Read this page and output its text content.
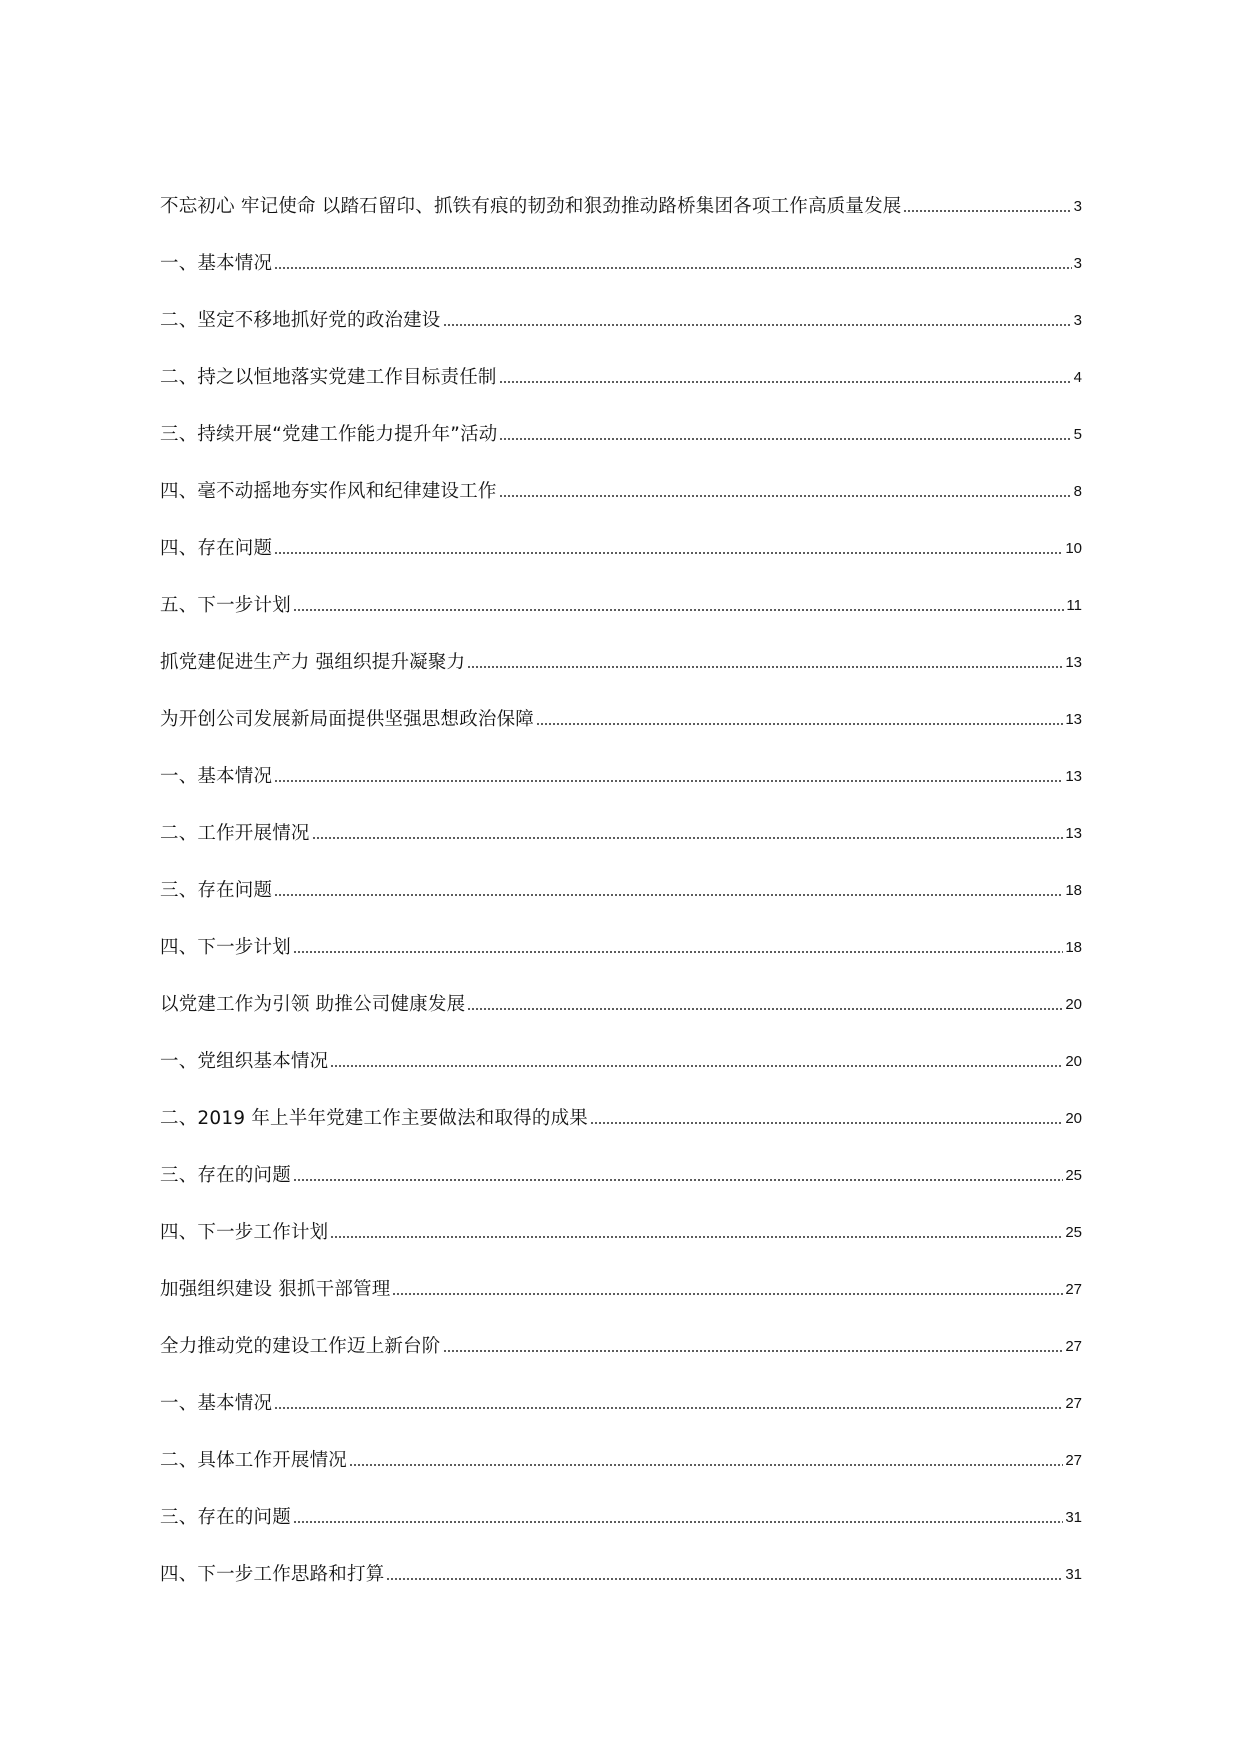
不忘初心 牢记使命 以踏石留印、抓铁有痕的韧劲和狠劲推动路桥集团各项工作高质量发展	3
一、基本情况	3
二、坚定不移地抓好党的政治建设	3
二、持之以恒地落实党建工作目标责任制	4
三、持续开展“党建工作能力提升年”活动	5
四、毫不动摇地夯实作风和纪律建设工作	8
四、存在问题	10
五、下一步计划	11
抓党建促进生产力 强组织提升凝聚力	13
为开创公司发展新局面提供坚强思想政治保障	13
一、基本情况	13
二、工作开展情况	13
三、存在问题	18
四、下一步计划	18
以党建工作为引领 助推公司健康发展	20
一、党组织基本情况	20
二、2019 年上半年党建工作主要做法和取得的成果	20
三、存在的问题	25
四、下一步工作计划	25
加强组织建设 狠抓干部管理	27
全力推动党的建设工作迈上新台阶	27
一、基本情况	27
二、具体工作开展情况	27
三、存在的问题	31
四、下一步工作思路和打算	31
